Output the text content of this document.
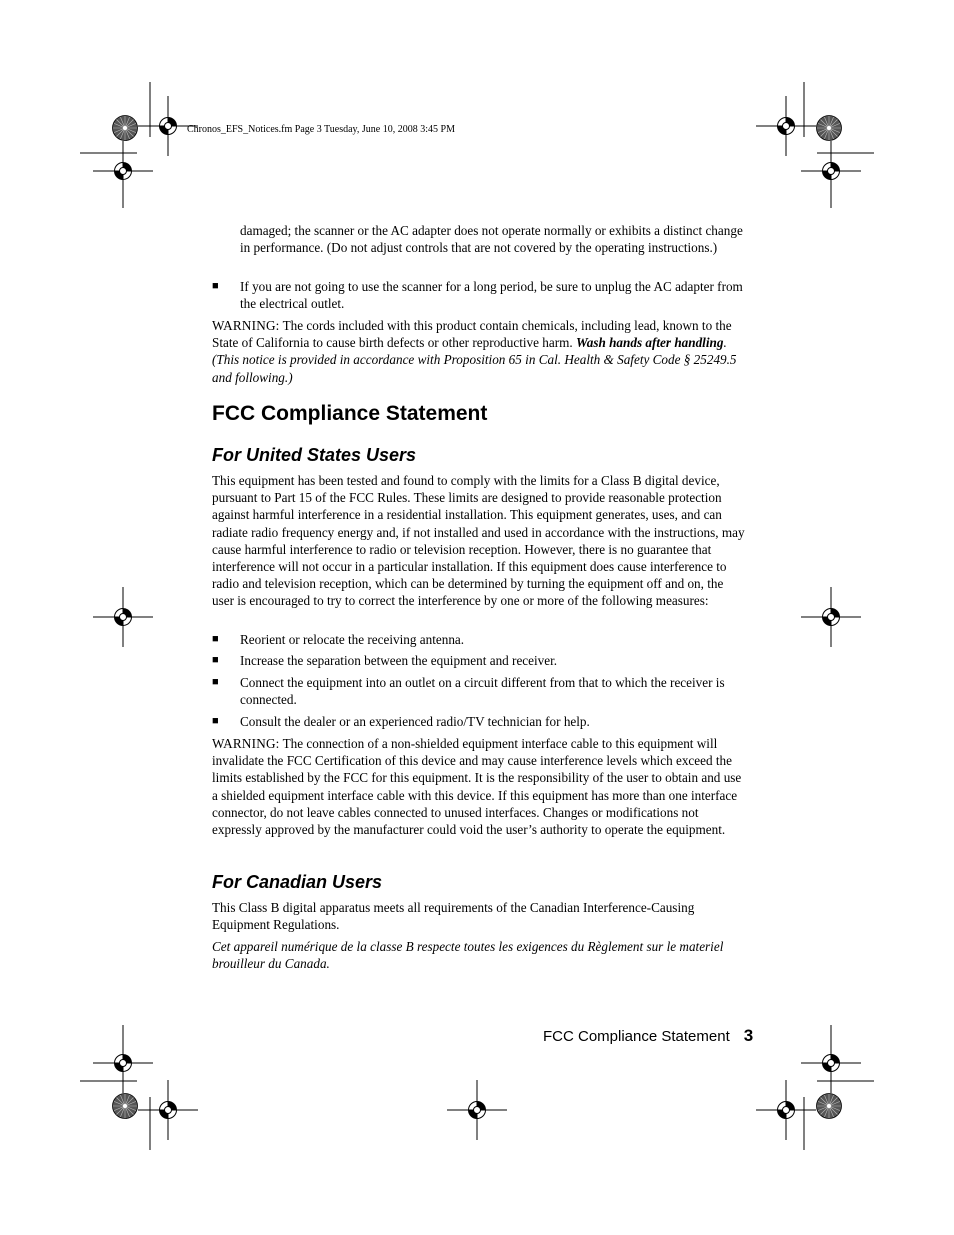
Chronos_EFS_Notices.fm Page 3 Tuesday, June 10, 2008 3:45 PM

damaged; the scanner or the AC adapter does not operate normally or exhibits a distinct change in performance. (Do not adjust controls that are not covered by the operating instructions.)

■ If you are not going to use the scanner for a long period, be sure to unplug the AC adapter from the electrical outlet.

WARNING: The cords included with this product contain chemicals, including lead, known to the State of California to cause birth defects or other reproductive harm. Wash hands after handling. (This notice is provided in accordance with Proposition 65 in Cal. Health & Safety Code § 25249.5 and following.)

FCC Compliance Statement
For United States Users

This equipment has been tested and found to comply with the limits for a Class B digital device, pursuant to Part 15 of the FCC Rules. These limits are designed to provide reasonable protection against harmful interference in a residential installation. This equipment generates, uses, and can radiate radio frequency energy and, if not installed and used in accordance with the instructions, may cause harmful interference to radio or television reception. However, there is no guarantee that interference will not occur in a particular installation. If this equipment does cause interference to radio and television reception, which can be determined by turning the equipment off and on, the user is encouraged to try to correct the interference by one or more of the following measures:

■ Reorient or relocate the receiving antenna.

■ Increase the separation between the equipment and receiver.

■ Connect the equipment into an outlet on a circuit different from that to which the receiver is connected.

■ Consult the dealer or an experienced radio/TV technician for help.

WARNING: The connection of a non-shielded equipment interface cable to this equipment will invalidate the FCC Certification of this device and may cause interference levels which exceed the limits established by the FCC for this equipment. It is the responsibility of the user to obtain and use a shielded equipment interface cable with this device. If this equipment has more than one interface connector, do not leave cables connected to unused interfaces. Changes or modifications not expressly approved by the manufacturer could void the user’s authority to operate the equipment.

For Canadian Users

This Class B digital apparatus meets all requirements of the Canadian Interference-Causing Equipment Regulations.

Cet appareil numérique de la classe B respecte toutes les exigences du Règlement sur le materiel brouilleur du Canada.

FCC Compliance Statement 3
